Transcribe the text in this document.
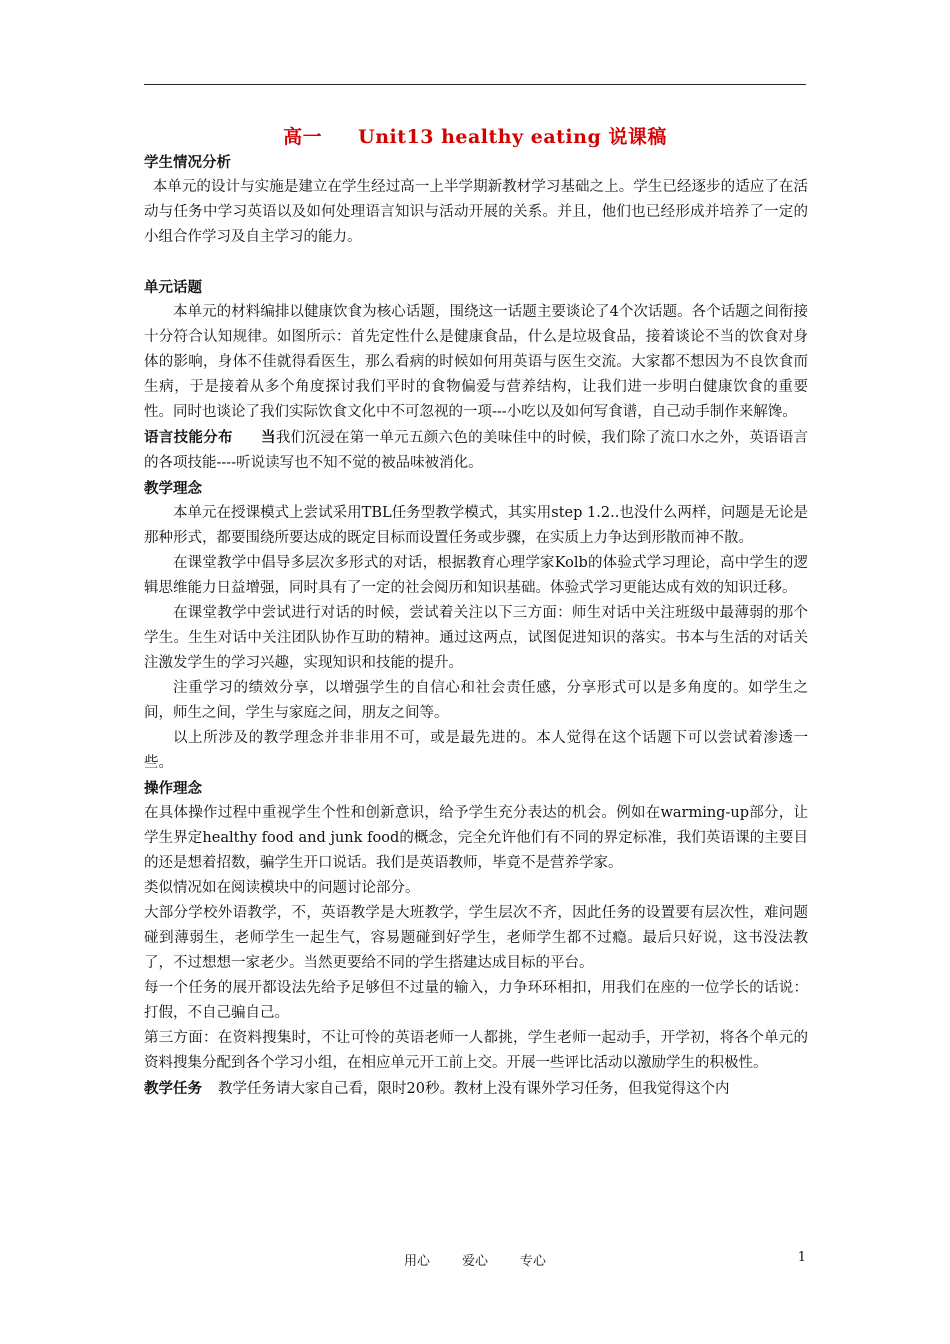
高一 Unit13 healthy eating 说课稿

学生情况分析

本单元的设计与实施是建立在学生经过高一上半学期新教材学习基础之上。学生已经逐步的适应了在活动与任务中学习英语以及如何处理语言知识与活动开展的关系。并且，他们也已经形成并培养了一定的小组合作学习及自主学习的能力。

单元话题

本单元的材料编排以健康饮食为核心话题，围绕这一话题主要谈论了4个次话题。各个话题之间衔接十分符合认知规律。如图所示：首先定性什么是健康食品，什么是垃圾食品，接着谈论不当的饮食对身体的影响，身体不佳就得看医生，那么看病的时候如何用英语与医生交流。大家都不想因为不良饮食而生病，于是接着从多个角度探讨我们平时的食物偏爱与营养结构，让我们进一步明白健康饮食的重要性。同时也谈论了我们实际饮食文化中不可忽视的一项---小吃以及如何写食谱，自己动手制作来解馋。

语言技能分布 当我们沉浸在第一单元五颜六色的美味佳中的时候，我们除了流口水之外，英语语言的各项技能----听说读写也不知不觉的被品味被消化。

教学理念

本单元在授课模式上尝试采用TBL任务型教学模式，其实用step 1.2..也没什么两样，问题是无论是那种形式，都要围绕所要达成的既定目标而设置任务或步骤，在实质上力争达到形散而神不散。

在课堂教学中倡导多层次多形式的对话，根据教育心理学家Kolb的体验式学习理论，高中学生的逻辑思维能力日益增强，同时具有了一定的社会阅历和知识基础。体验式学习更能达成有效的知识迁移。

在课堂教学中尝试进行对话的时候，尝试着关注以下三方面：师生对话中关注班级中最薄弱的那个学生。生生对话中关注团队协作互助的精神。通过这两点，试图促进知识的落实。书本与生活的对话关注激发学生的学习兴趣，实现知识和技能的提升。

注重学习的绩效分享，以增强学生的自信心和社会责任感，分享形式可以是多角度的。如学生之间，师生之间，学生与家庭之间，朋友之间等。

以上所涉及的教学理念并非非用不可，或是最先进的。本人觉得在这个话题下可以尝试着渗透一些。

操作理念

在具体操作过程中重视学生个性和创新意识，给予学生充分表达的机会。例如在warming-up部分，让学生界定healthy food and junk food的概念，完全允许他们有不同的界定标准，我们英语课的主要目的还是想着招数，骗学生开口说话。我们是英语教师，毕竟不是营养学家。

类似情况如在阅读模块中的问题讨论部分。

大部分学校外语教学，不，英语教学是大班教学，学生层次不齐，因此任务的设置要有层次性，难问题碰到薄弱生，老师学生一起生气，容易题碰到好学生，老师学生都不过瘾。最后只好说，这书没法教了，不过想想一家老少。当然更要给不同的学生搭建达成目标的平台。

每一个任务的展开都设法先给予足够但不过量的输入，力争环环相扣，用我们在座的一位学长的话说：打假，不自己骗自己。

第三方面：在资料搜集时，不让可怜的英语老师一人都挑，学生老师一起动手，开学初，将各个单元的资料搜集分配到各个学习小组，在相应单元开工前上交。开展一些评比活动以激励学生的积极性。

教学任务 教学任务请大家自己看，限时20秒。教材上没有课外学习任务，但我觉得这个内

用心 爱心 专心	1
